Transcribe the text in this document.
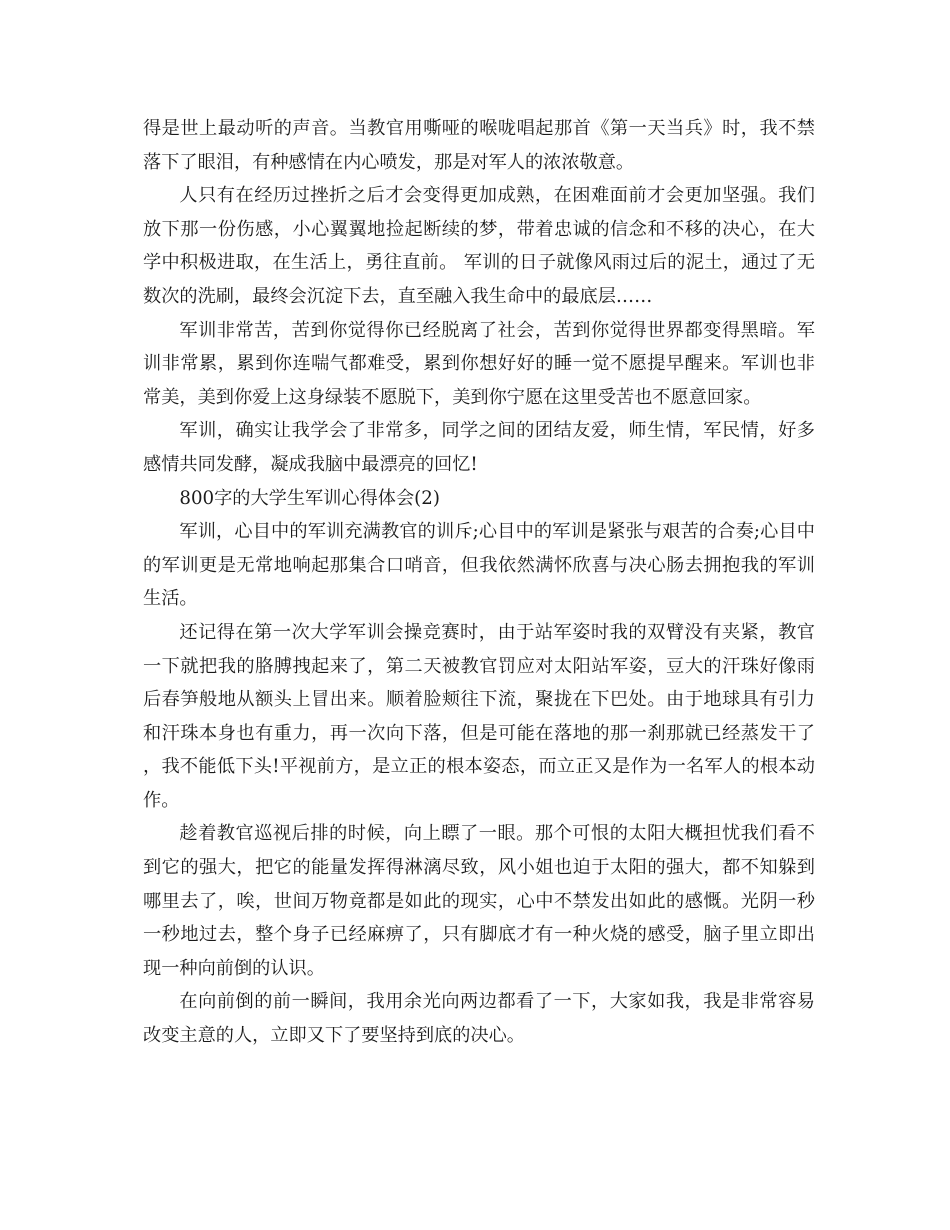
得是世上最动听的声音。当教官用嘶哑的喉咙唱起那首《第一天当兵》时，我不禁落下了眼泪，有种感情在内心喷发，那是对军人的浓浓敬意。

人只有在经历过挫折之后才会变得更加成熟，在困难面前才会更加坚强。我们放下那一份伤感，小心翼翼地捡起断续的梦，带着忠诚的信念和不移的决心，在大学中积极进取，在生活上，勇往直前。 军训的日子就像风雨过后的泥土，通过了无数次的洗刷，最终会沉淀下去，直至融入我生命中的最底层……

军训非常苦，苦到你觉得你已经脱离了社会，苦到你觉得世界都变得黑暗。军训非常累，累到你连喘气都难受，累到你想好好的睡一觉不愿提早醒来。军训也非常美，美到你爱上这身绿装不愿脱下，美到你宁愿在这里受苦也不愿意回家。

军训，确实让我学会了非常多，同学之间的团结友爱，师生情，军民情，好多感情共同发酵，凝成我脑中最漂亮的回忆!

800字的大学生军训心得体会(2)

军训，心目中的军训充满教官的训斥;心目中的军训是紧张与艰苦的合奏;心目中的军训更是无常地响起那集合口哨音，但我依然满怀欣喜与决心肠去拥抱我的军训生活。

还记得在第一次大学军训会操竞赛时，由于站军姿时我的双臂没有夹紧，教官一下就把我的胳膊拽起来了，第二天被教官罚应对太阳站军姿，豆大的汗珠好像雨后春笋般地从额头上冒出来。顺着脸颊往下流，聚拢在下巴处。由于地球具有引力和汗珠本身也有重力，再一次向下落，但是可能在落地的那一刹那就已经蒸发干了，我不能低下头!平视前方，是立正的根本姿态，而立正又是作为一名军人的根本动作。

趁着教官巡视后排的时候，向上瞟了一眼。那个可恨的太阳大概担忧我们看不到它的强大，把它的能量发挥得淋漓尽致，风小姐也迫于太阳的强大，都不知躲到哪里去了，唉，世间万物竟都是如此的现实，心中不禁发出如此的感慨。光阴一秒一秒地过去，整个身子已经麻痹了，只有脚底才有一种火烧的感受，脑子里立即出现一种向前倒的认识。

在向前倒的前一瞬间，我用余光向两边都看了一下，大家如我，我是非常容易改变主意的人，立即又下了要坚持到底的决心。
